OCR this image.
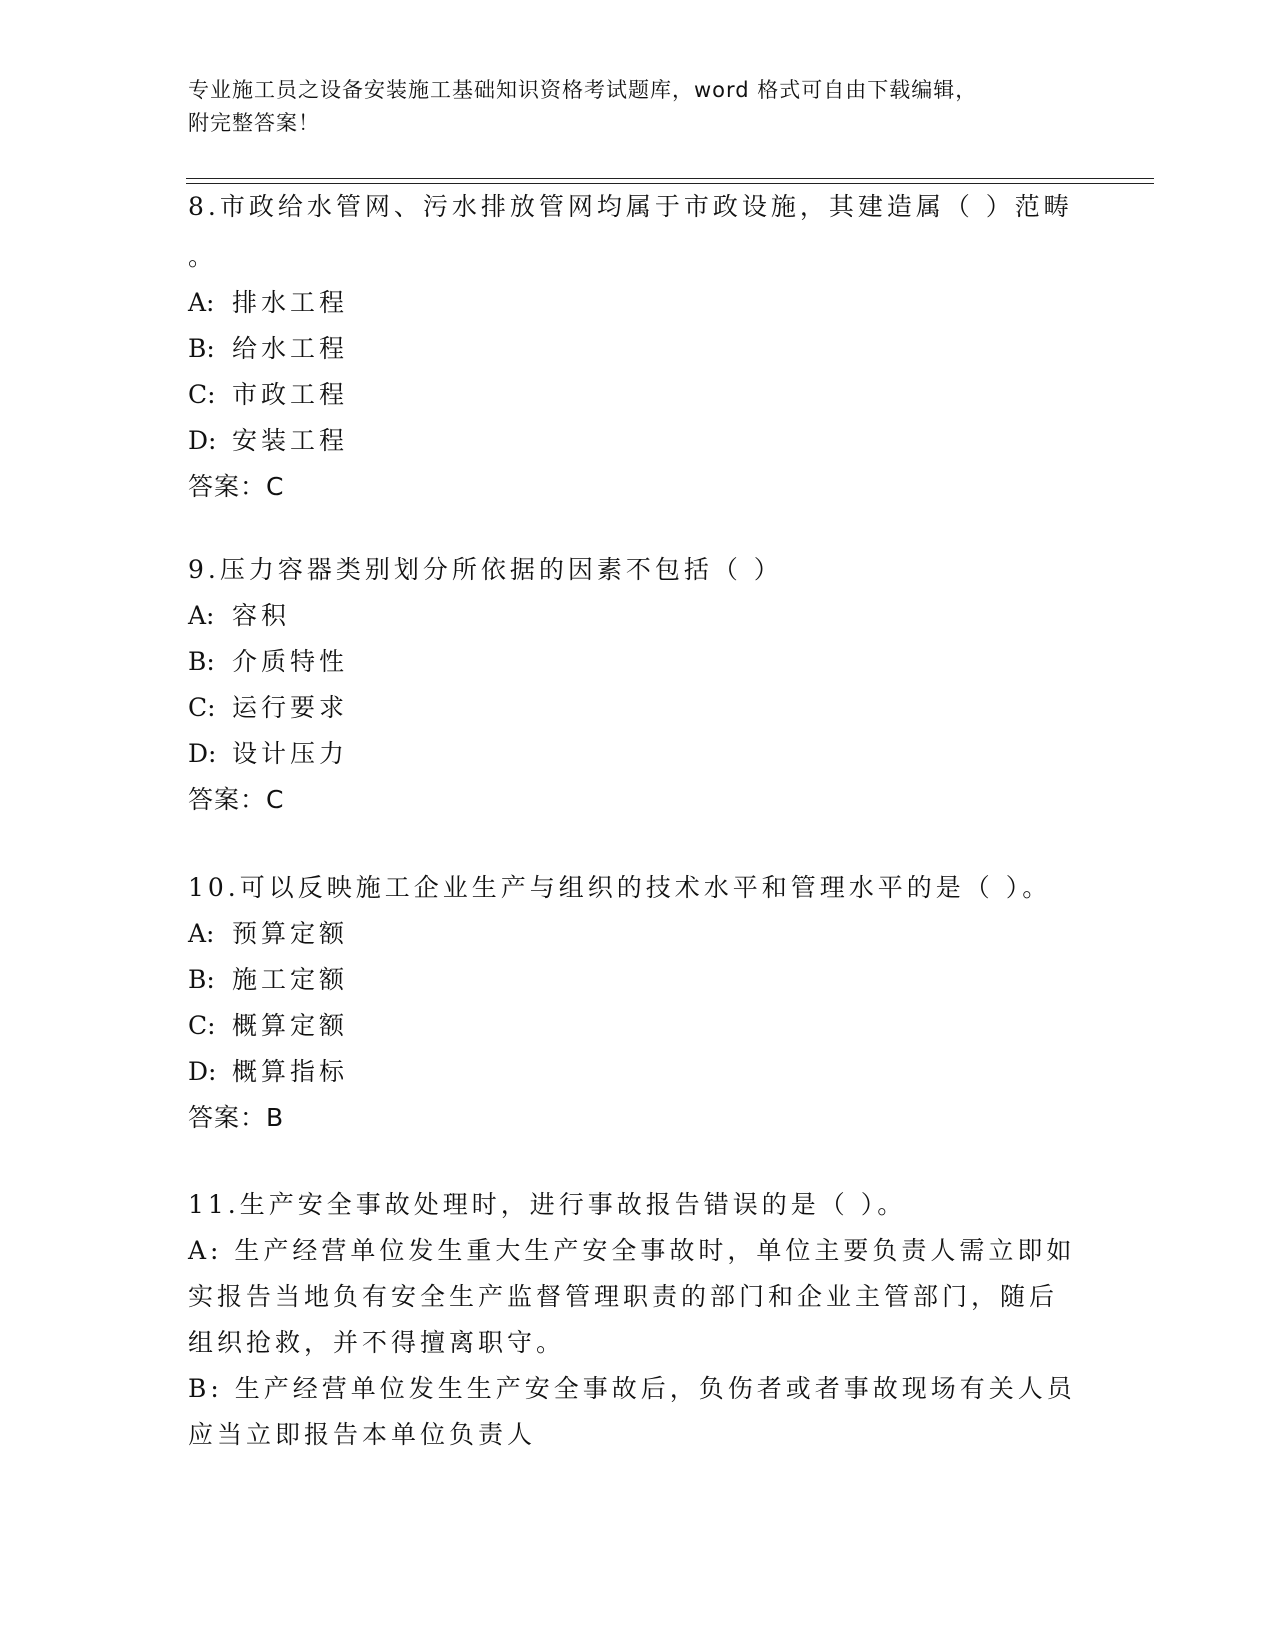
专业施工员之设备安装施工基础知识资格考试题库，word 格式可自由下载编辑，
附完整答案！
8.市政给水管网、污水排放管网均属于市政设施，其建造属（ ）范畴
。
A: 排水工程
B: 给水工程
C: 市政工程
D: 安装工程
答案：C
9.压力容器类别划分所依据的因素不包括（ ）
A: 容积
B: 介质特性
C: 运行要求
D: 设计压力
答案：C
10.可以反映施工企业生产与组织的技术水平和管理水平的是（ ）。
A: 预算定额
B: 施工定额
C: 概算定额
D: 概算指标
答案：B
11.生产安全事故处理时，进行事故报告错误的是（ ）。
A: 生产经营单位发生重大生产安全事故时，单位主要负责人需立即如
实报告当地负有安全生产监督管理职责的部门和企业主管部门，随后
组织抢救，并不得擅离职守。
B: 生产经营单位发生生产安全事故后，负伤者或者事故现场有关人员
应当立即报告本单位负责人
